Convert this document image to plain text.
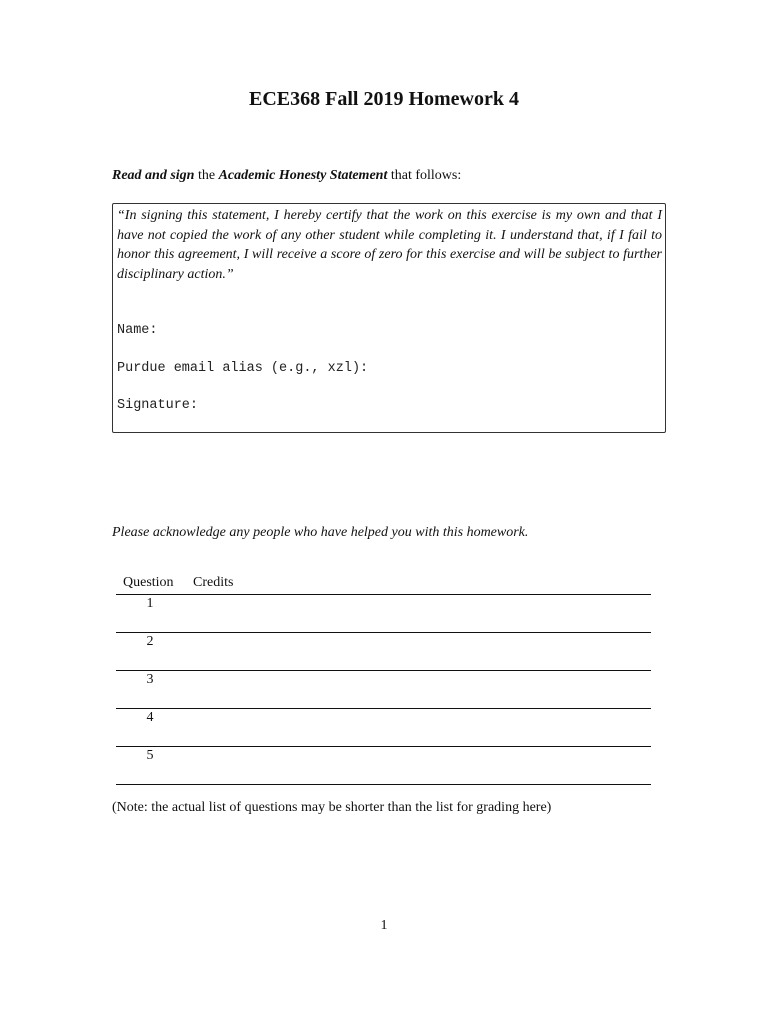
ECE368 Fall 2019 Homework 4

Read and sign the Academic Honesty Statement that follows:

“In signing this statement, I hereby certify that the work on this exercise is my own and that I have not copied the work of any other student while completing it. I understand that, if I fail to honor this agreement, I will receive a score of zero for this exercise and will be subject to further disciplinary action.”

Name:

Purdue email alias (e.g., xzl):

Signature:

Please acknowledge any people who have helped you with this homework.

Question Credits
1
2
3
4
5

(Note: the actual list of questions may be shorter than the list for grading here)

1
